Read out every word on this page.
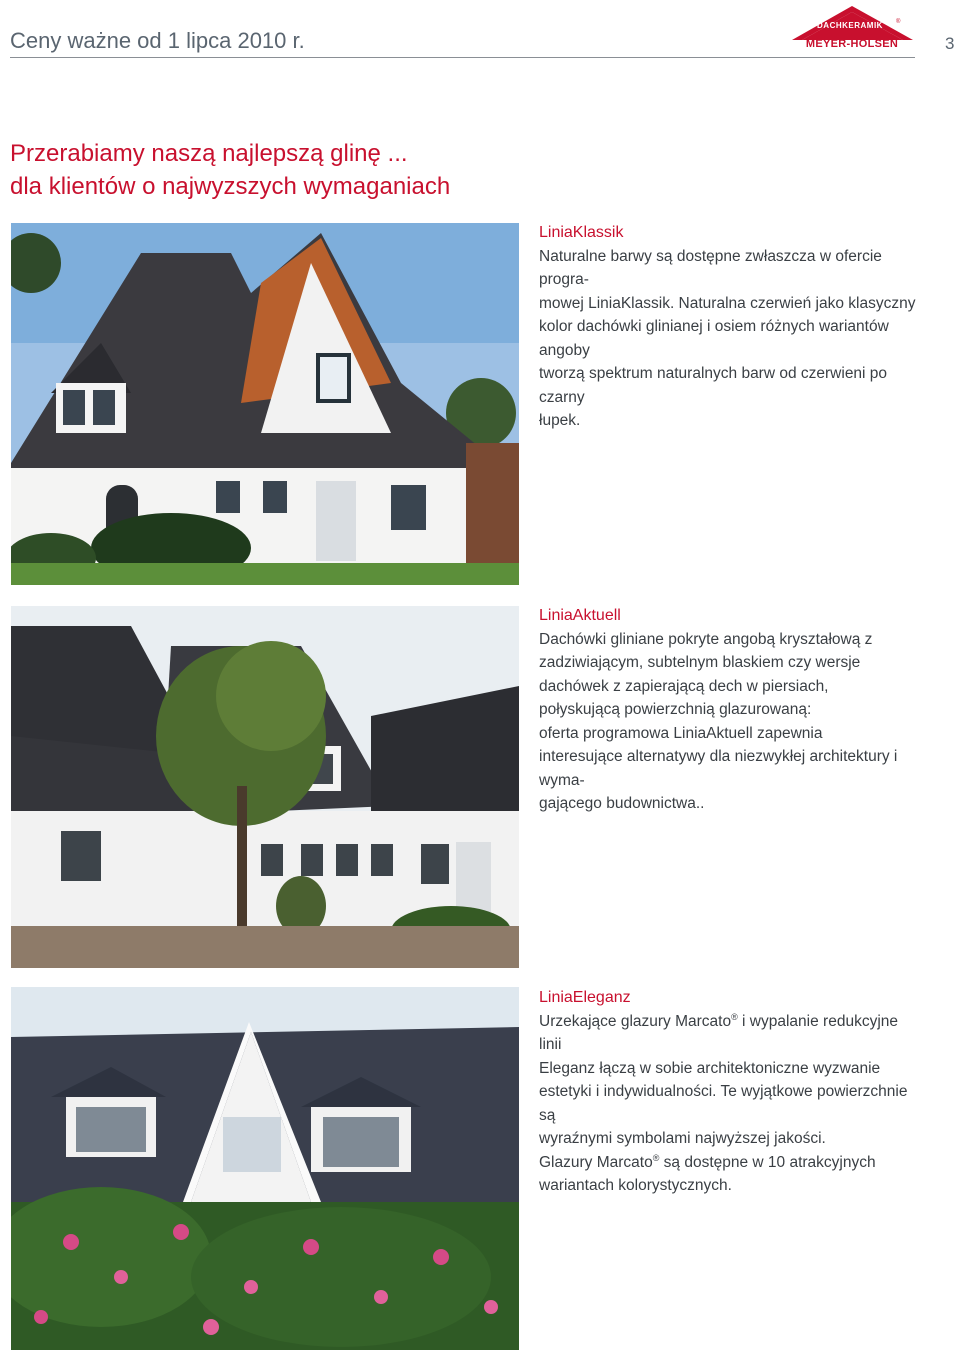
Ceny ważne od 1 lipca 2010 r.
DACHKERAMIK	®
MEYER-HOLSEN	3
Przerabiamy naszą najlepszą glinę ...
dla klientów o najwyzszych wymaganiach
LiniaKlassik
Naturalne barwy są dostępne zwłaszcza w ofercie progra-
mowej LiniaKlassik. Naturalna czerwień jako klasyczny
kolor dachówki glinianej i osiem różnych wariantów angoby
tworzą spektrum naturalnych barw od czerwieni po czarny
łupek.
LiniaAktuell
Dachówki gliniane pokryte angobą kryształową z
zadziwiającym, subtelnym blaskiem czy wersje
dachówek z zapierającą dech w piersiach,
połyskującą powierzchnią glazurowaną:
oferta programowa LiniaAktuell zapewnia
interesujące alternatywy dla niezwykłej architektury i wyma-
gającego budownictwa..
LiniaEleganz
Urzekające glazury Marcato® i wypalanie redukcyjne linii
Eleganz łączą w sobie architektoniczne wyzwanie
estetyki i indywidualności. Te wyjątkowe powierzchnie są
wyraźnymi symbolami najwyższej jakości.
Glazury Marcato® są dostępne w 10 atrakcyjnych
wariantach kolorystycznych.
